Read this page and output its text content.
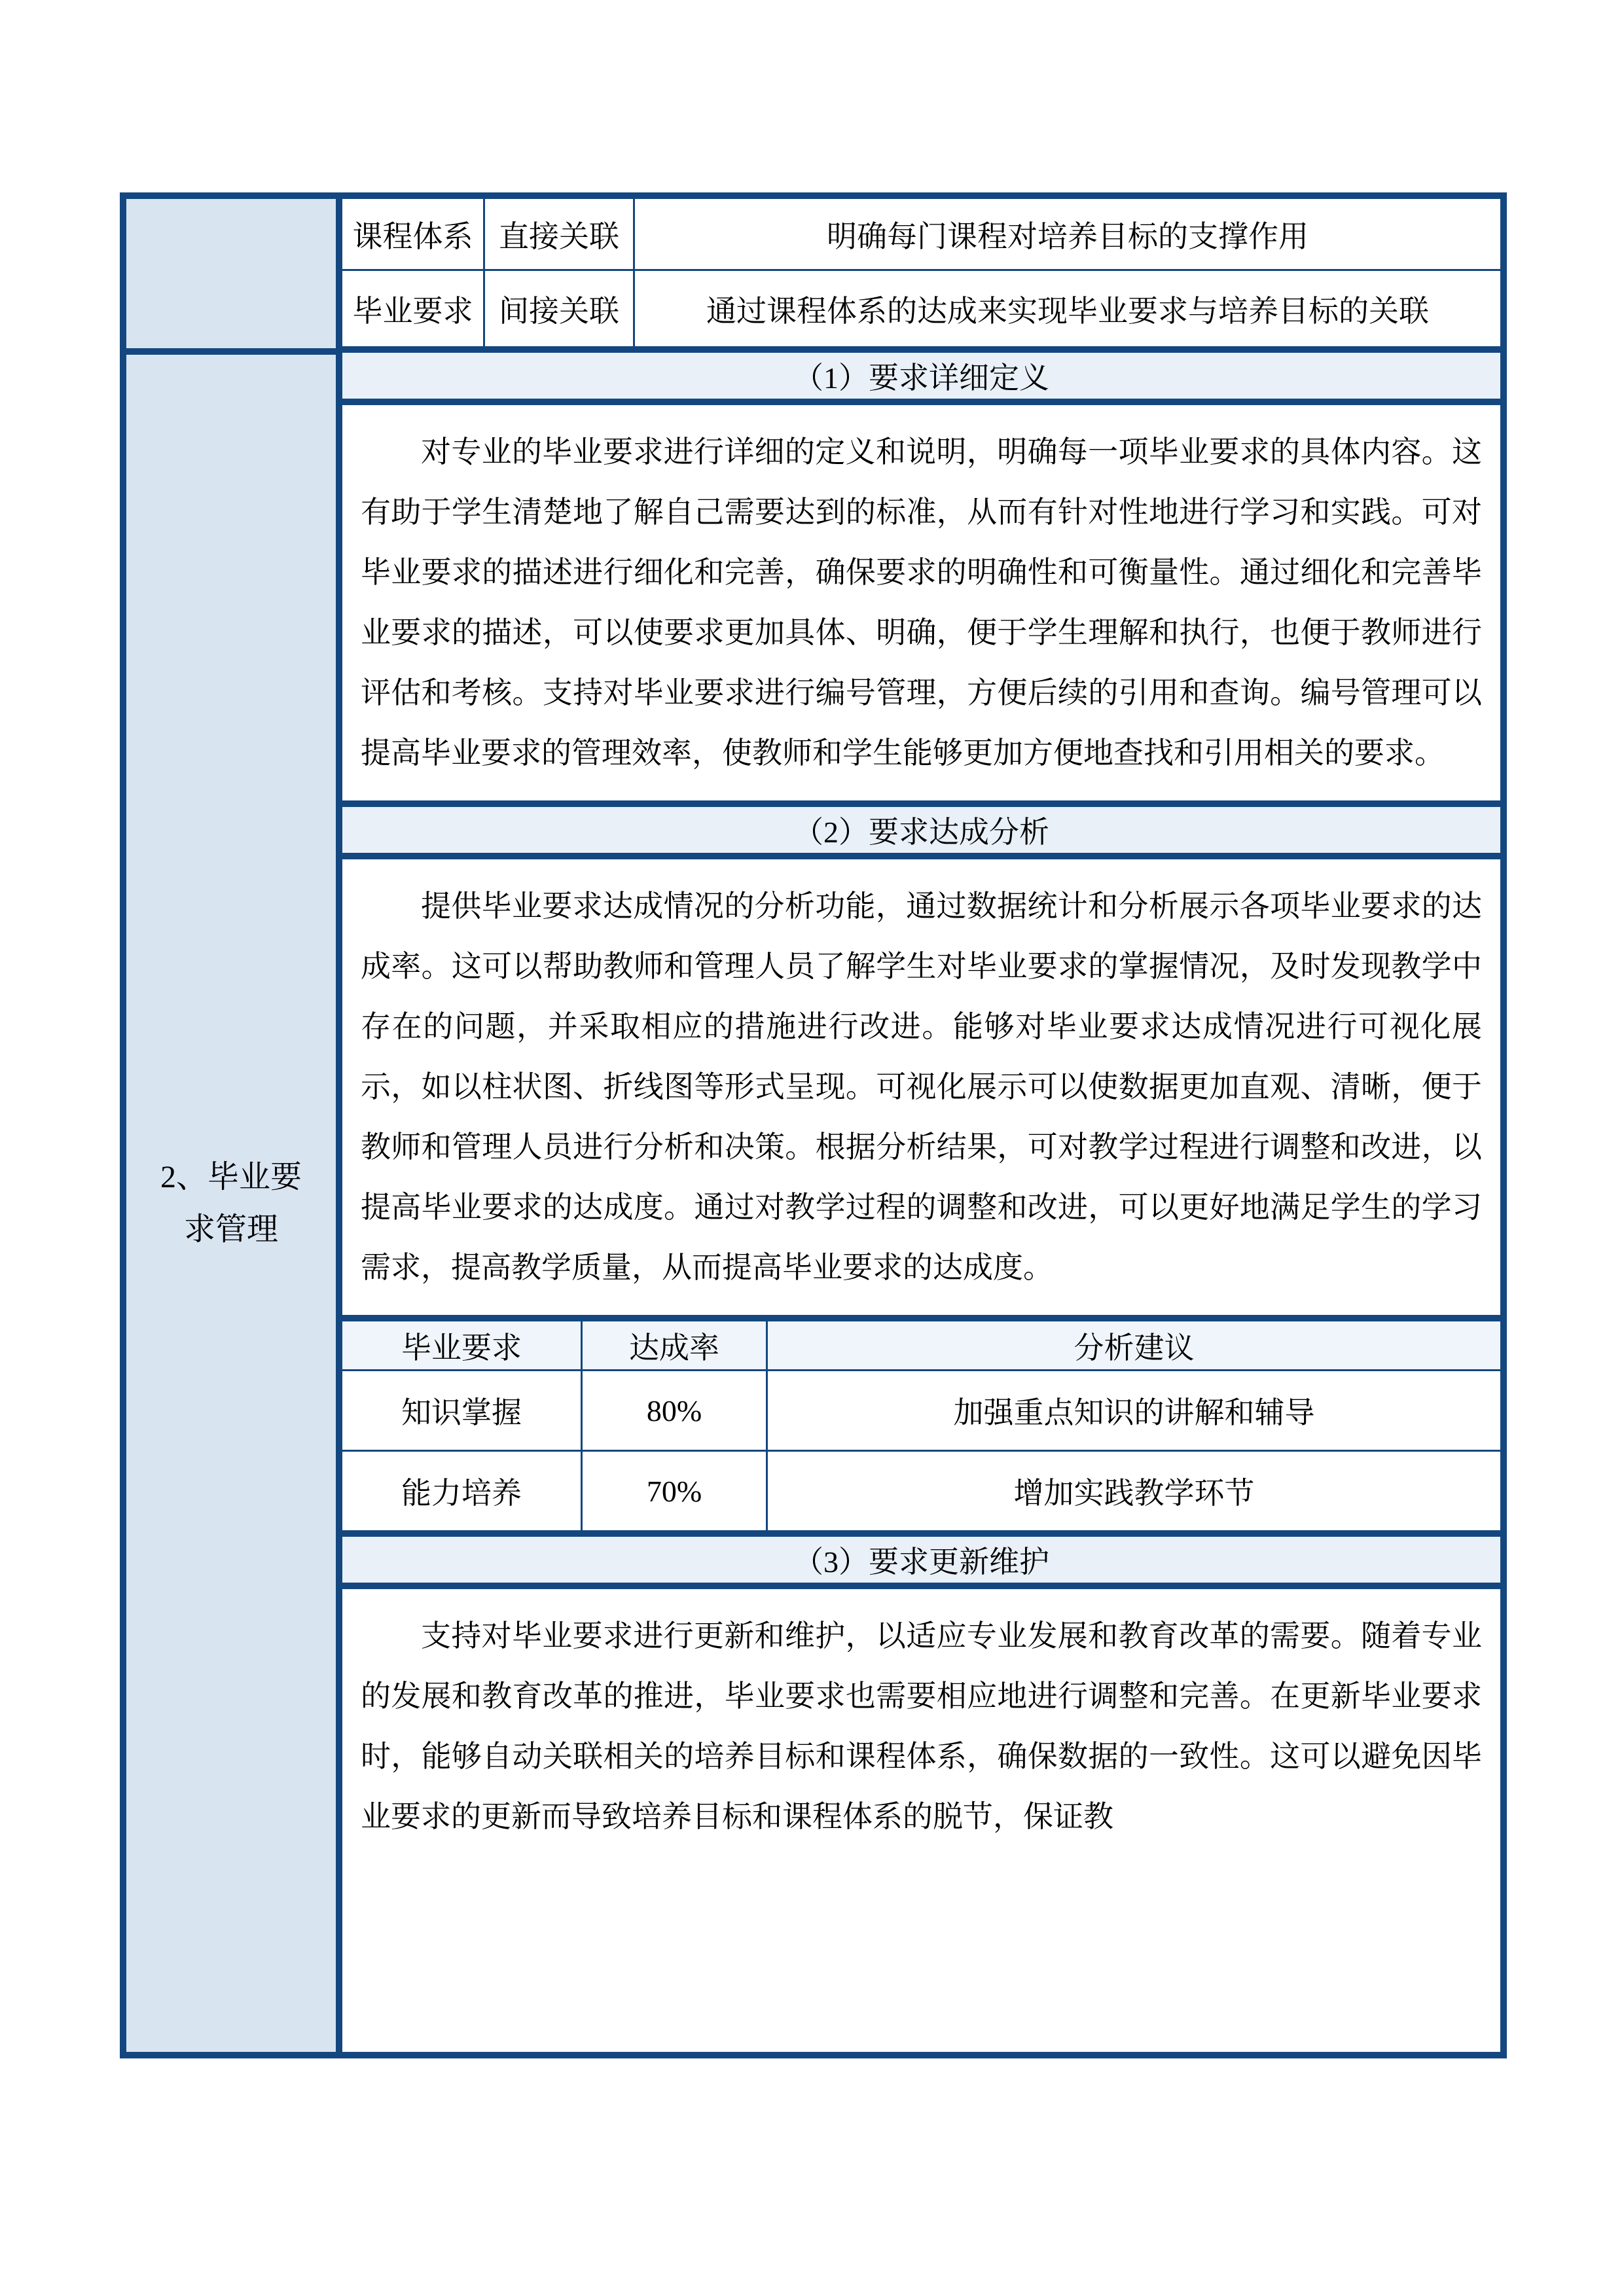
2、毕业要求管理
课程体系 直接关联	明确每门课程对培养目标的支撑作用
毕业要求 间接关联	通过课程体系的达成来实现毕业要求与培养目标的关联
（1）要求详细定义

对专业的毕业要求进行详细的定义和说明，明确每一项毕业要求的具体内容。这有助于学生清楚地了解自己需要达到的标准，从而有针对性地进行学习和实践。可对毕业要求的描述进行细化和完善，确保要求的明确性和可衡量性。通过细化和完善毕业要求的描述，可以使要求更加具体、明确，便于学生理解和执行，也便于教师进行评估和考核。支持对毕业要求进行编号管理，方便后续的引用和查询。编号管理可以提高毕业要求的管理效率，使教师和学生能够更加方便地查找和引用相关的要求。

（2）要求达成分析

提供毕业要求达成情况的分析功能，通过数据统计和分析展示各项毕业要求的达成率。这可以帮助教师和管理人员了解学生对毕业要求的掌握情况，及时发现教学中存在的问题，并采取相应的措施进行改进。能够对毕业要求达成情况进行可视化展示，如以柱状图、折线图等形式呈现。可视化展示可以使数据更加直观、清晰，便于教师和管理人员进行分析和决策。根据分析结果，可对教学过程进行调整和改进，以提高毕业要求的达成度。通过对教学过程的调整和改进，可以更好地满足学生的学习需求，提高教学质量，从而提高毕业要求的达成度。

毕业要求	达成率	分析建议
知识掌握	80%	加强重点知识的讲解和辅导
能力培养	70%	增加实践教学环节
（3）要求更新维护

支持对毕业要求进行更新和维护，以适应专业发展和教育改革的需要。随着专业的发展和教育改革的推进，毕业要求也需要相应地进行调整和完善。在更新毕业要求时，能够自动关联相关的培养目标和课程体系，确保数据的一致性。这可以避免因毕业要求的更新而导致培养目标和课程体系的脱节，保证教
